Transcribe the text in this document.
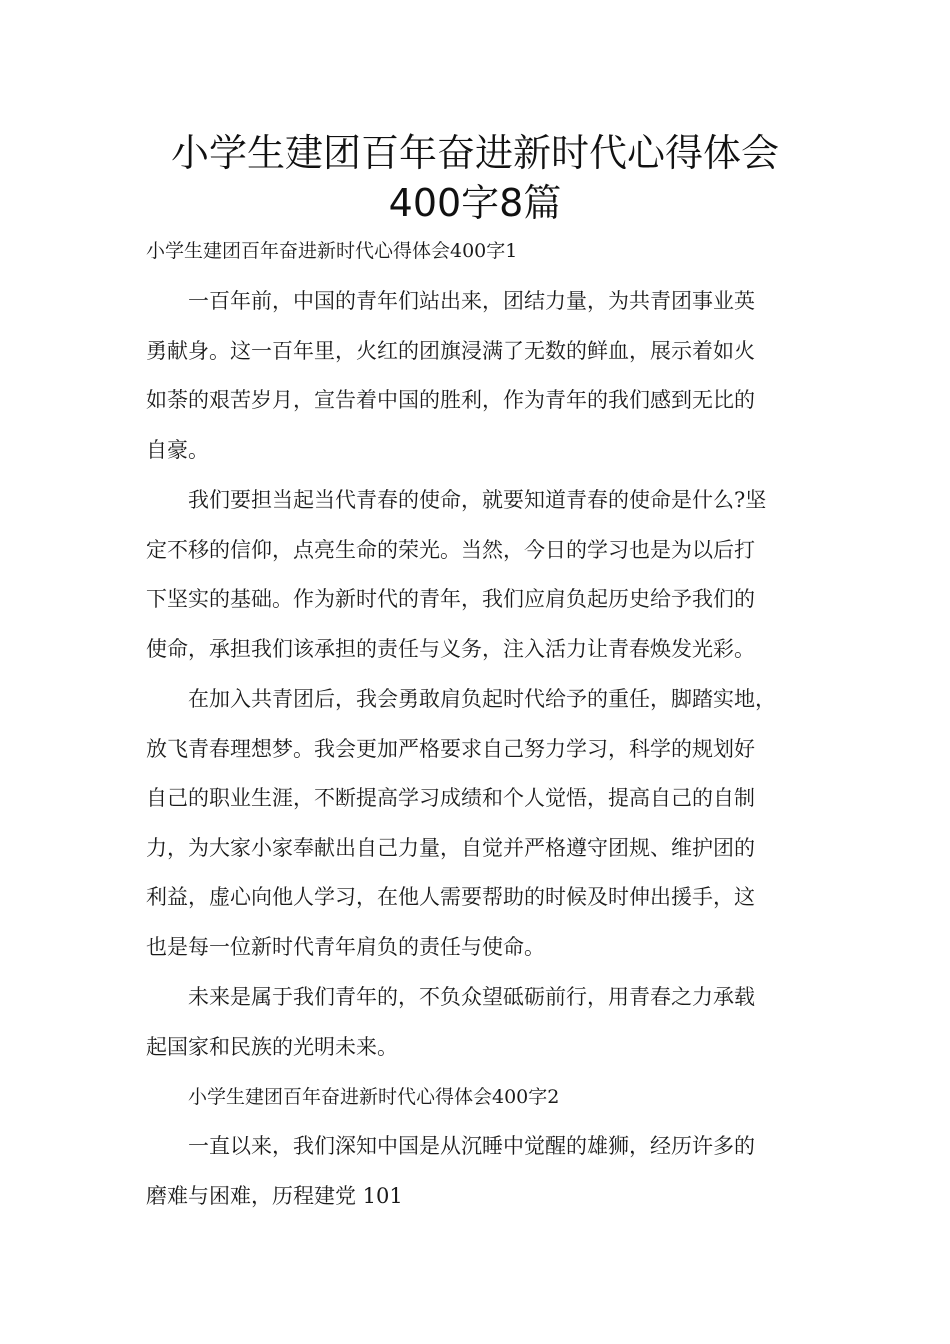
小学生建团百年奋进新时代心得体会
400字8篇
小学生建团百年奋进新时代心得体会400字1
一百年前，中国的青年们站出来，团结力量，为共青团事业英
勇献身。这一百年里，火红的团旗浸满了无数的鲜血，展示着如火
如荼的艰苦岁月，宣告着中国的胜利，作为青年的我们感到无比的
自豪。
我们要担当起当代青春的使命，就要知道青春的使命是什么?坚
定不移的信仰，点亮生命的荣光。当然，今日的学习也是为以后打
下坚实的基础。作为新时代的青年，我们应肩负起历史给予我们的
使命，承担我们该承担的责任与义务，注入活力让青春焕发光彩。
在加入共青团后，我会勇敢肩负起时代给予的重任，脚踏实地，
放飞青春理想梦。我会更加严格要求自己努力学习，科学的规划好
自己的职业生涯，不断提高学习成绩和个人觉悟，提高自己的自制
力，为大家小家奉献出自己力量，自觉并严格遵守团规、维护团的
利益，虚心向他人学习，在他人需要帮助的时候及时伸出援手，这
也是每一位新时代青年肩负的责任与使命。
未来是属于我们青年的，不负众望砥砺前行，用青春之力承载
起国家和民族的光明未来。
小学生建团百年奋进新时代心得体会400字2
一直以来，我们深知中国是从沉睡中觉醒的雄狮，经历许多的
磨难与困难，历程建党 101
